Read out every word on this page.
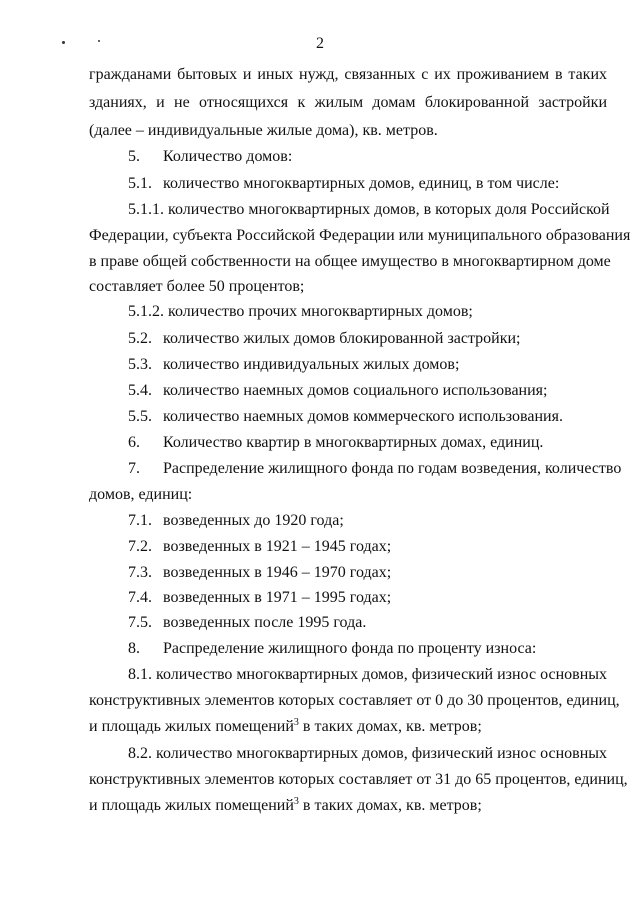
2
гражданами бытовых и иных нужд, связанных с их проживанием в таких
зданиях, и не относящихся к жилым домам блокированной застройки
(далее – индивидуальные жилые дома), кв. метров.
5. Количество домов:
5.1. количество многоквартирных домов, единиц, в том числе:
5.1.1. количество многоквартирных домов, в которых доля Российской
Федерации, субъекта Российской Федерации или муниципального образования
в праве общей собственности на общее имущество в многоквартирном доме
составляет более 50 процентов;
5.1.2. количество прочих многоквартирных домов;
5.2. количество жилых домов блокированной застройки;
5.3. количество индивидуальных жилых домов;
5.4. количество наемных домов социального использования;
5.5. количество наемных домов коммерческого использования.
6. Количество квартир в многоквартирных домах, единиц.
7. Распределение жилищного фонда по годам возведения, количество
домов, единиц:
7.1. возведенных до 1920 года;
7.2. возведенных в 1921 – 1945 годах;
7.3. возведенных в 1946 – 1970 годах;
7.4. возведенных в 1971 – 1995 годах;
7.5. возведенных после 1995 года.
8. Распределение жилищного фонда по проценту износа:
8.1. количество многоквартирных домов, физический износ основных
конструктивных элементов которых составляет от 0 до 30 процентов, единиц,
и площадь жилых помещений$^3$ в таких домах, кв. метров;
8.2. количество многоквартирных домов, физический износ основных
конструктивных элементов которых составляет от 31 до 65 процентов, единиц,
и площадь жилых помещений$^3$ в таких домах, кв. метров;
